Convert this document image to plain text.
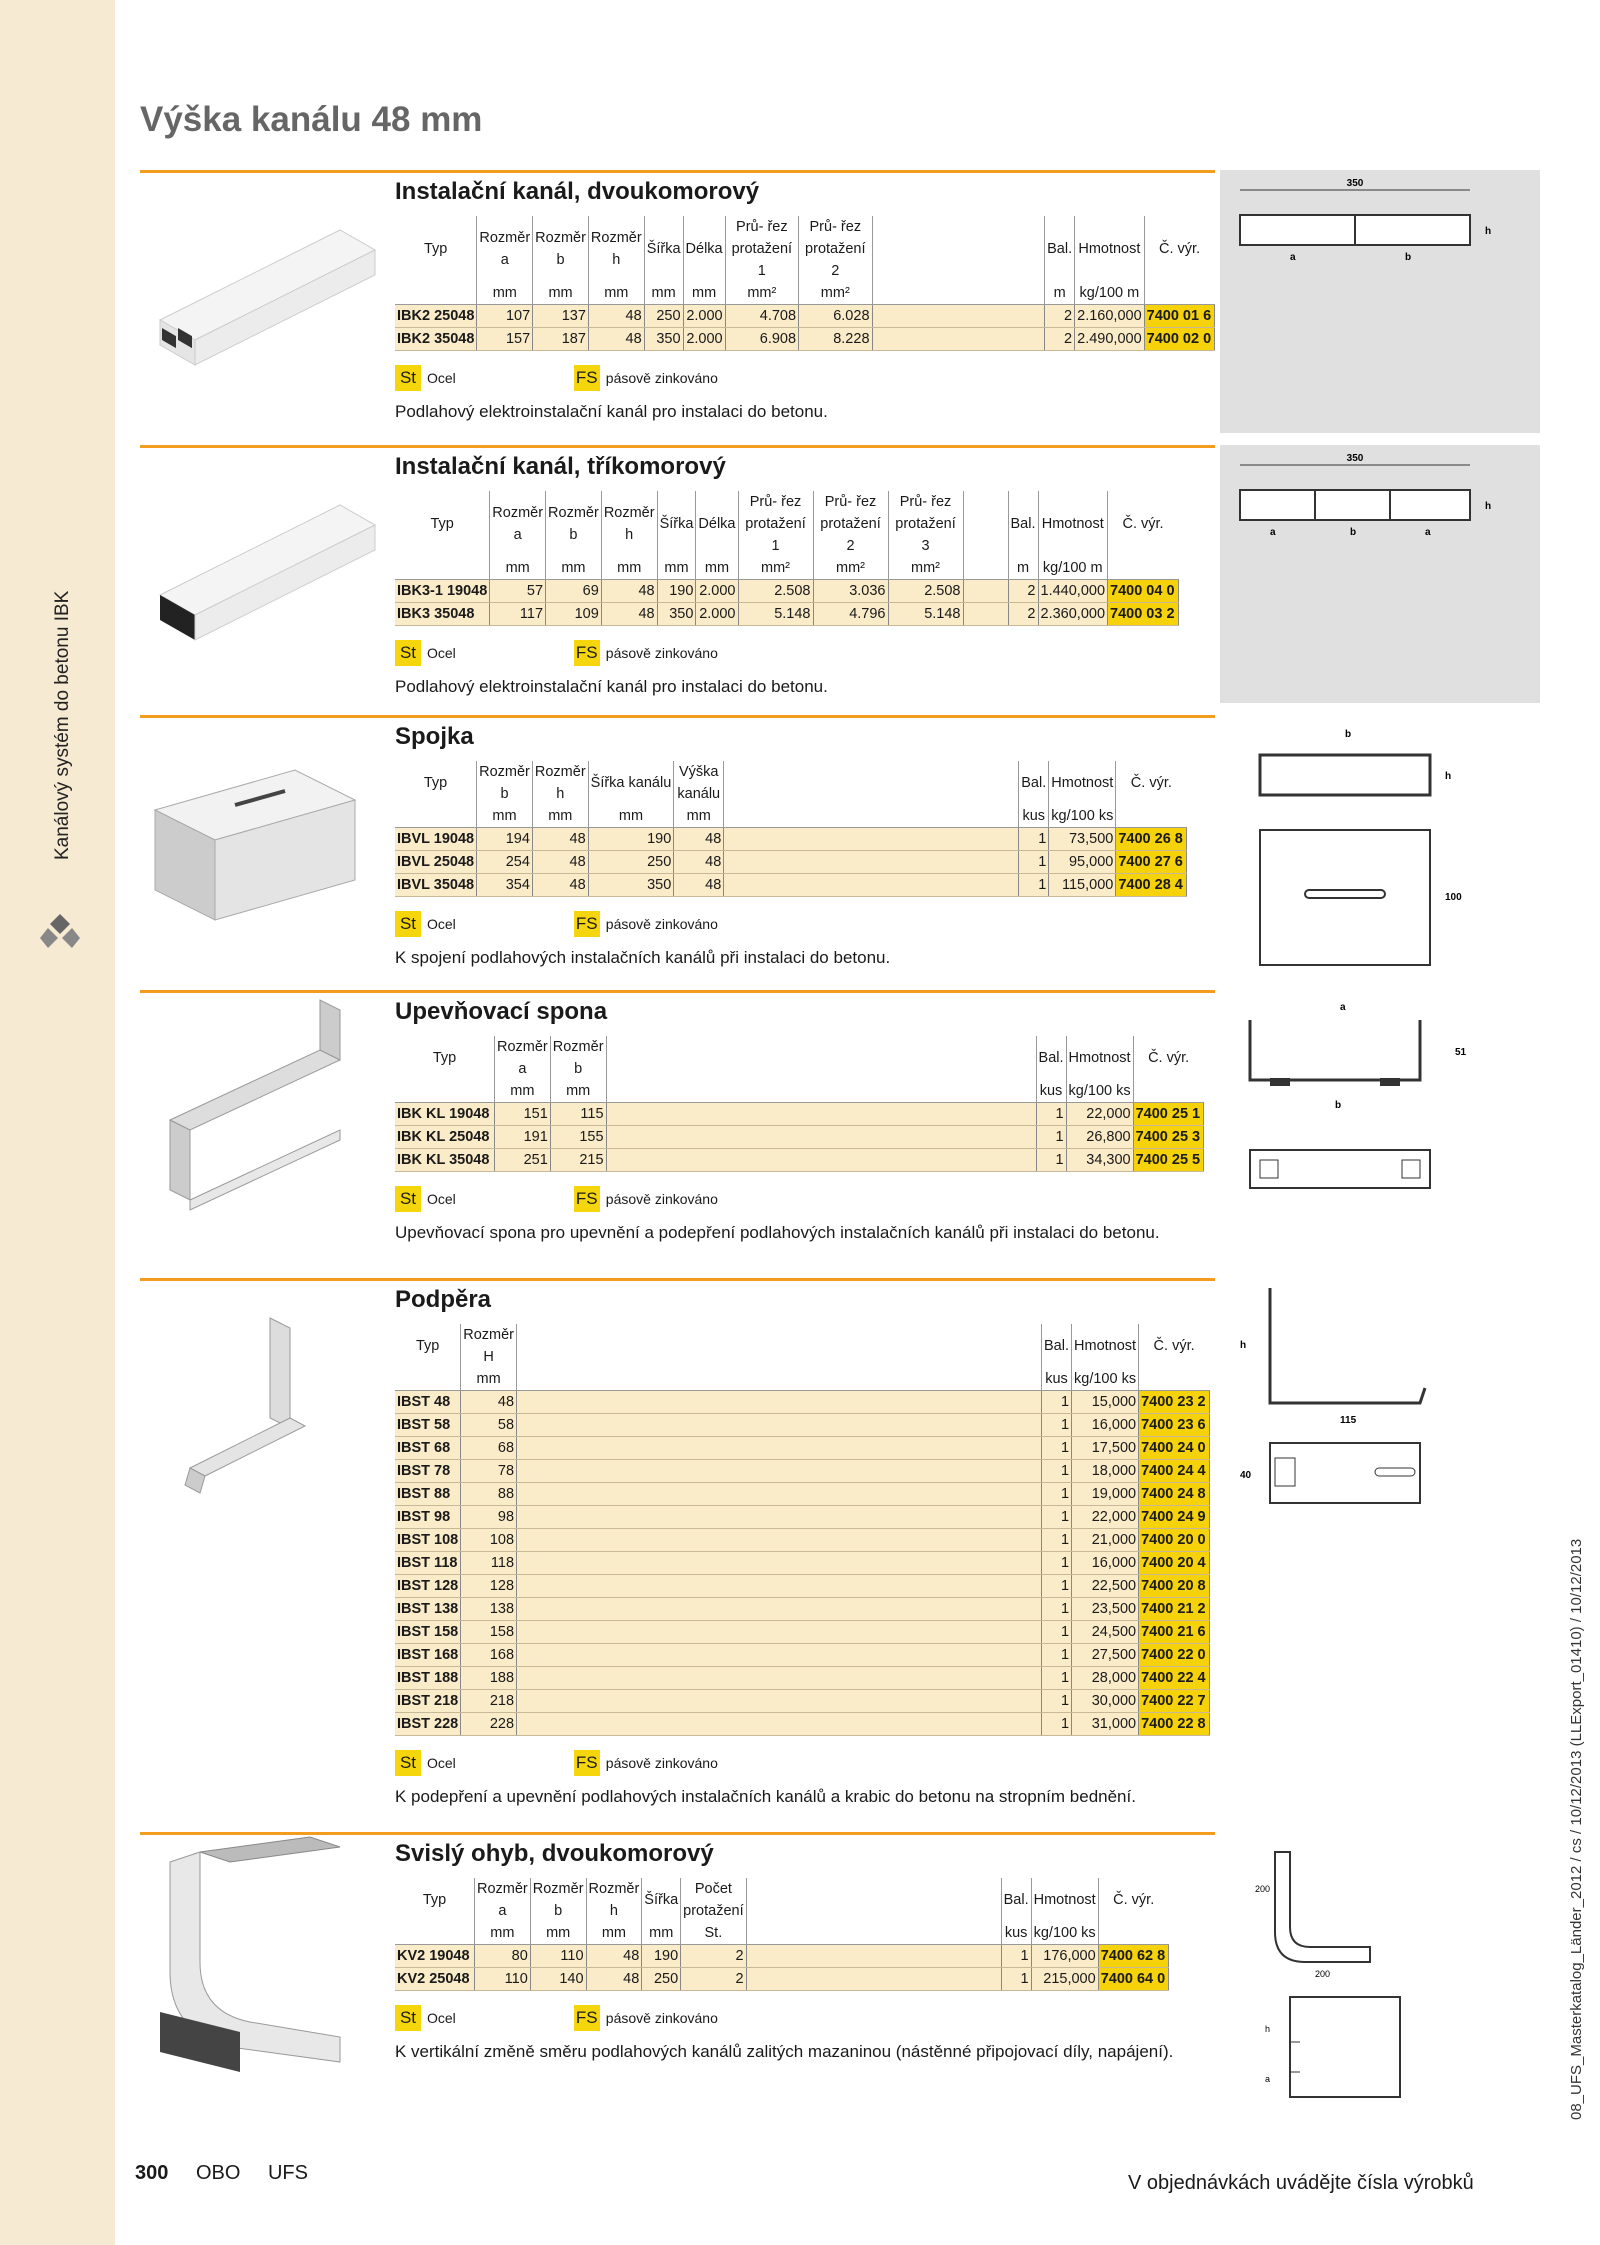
Kanálový systém do betonu IBK
Výška kanálu 48 mm
Instalační kanál, dvoukomorový
Typ	Rozměr a	Rozměr b	Rozměr h	Šířka	Délka	Prů- řez protažení 1	Prů- řez protažení 2		Bal.	Hmotnost	Č. výr.
	mm	mm	mm	mm	mm	mm²	mm²		m	kg/100 m	
IBK2 25048	107	137	48	250	2.000	4.708	6.028		2	2.160,000	7400 01 6
IBK2 35048	157	187	48	350	2.000	6.908	8.228		2	2.490,000	7400 02 0
St Ocel	FS pásově zinkováno
Podlahový elektroinstalační kanál pro instalaci do betonu.
350
a	b
h
Instalační kanál, tříkomorový
Typ	Rozměr a	Rozměr b	Rozměr h	Šířka	Délka	Prů- řez protažení 1	Prů- řez protažení 2	Prů- řez protažení 3		Bal.	Hmotnost	Č. výr.
	mm	mm	mm	mm	mm	mm²	mm²	mm²		m	kg/100 m	
IBK3-1 19048	57	69	48	190	2.000	2.508	3.036	2.508		2	1.440,000	7400 04 0
IBK3 35048	117	109	48	350	2.000	5.148	4.796	5.148		2	2.360,000	7400 03 2
St Ocel	FS pásově zinkováno
Podlahový elektroinstalační kanál pro instalaci do betonu.
350
a	b	a
h
Spojka
Typ	Rozměr b	Rozměr h	Šířka kanálu	Výška kanálu		Bal.	Hmotnost	Č. výr.
	mm	mm	mm	mm		kus	kg/100 ks	
IBVL 19048	194	48	190	48		1	73,500	7400 26 8
IBVL 25048	254	48	250	48		1	95,000	7400 27 6
IBVL 35048	354	48	350	48		1	115,000	7400 28 4
St Ocel	FS pásově zinkováno
K spojení podlahových instalačních kanálů při instalaci do betonu.
b
h
100
Upevňovací spona
Typ	Rozměr a	Rozměr b		Bal.	Hmotnost	Č. výr.
	mm	mm		kus	kg/100 ks	
IBK KL 19048	151	115		1	22,000	7400 25 1
IBK KL 25048	191	155		1	26,800	7400 25 3
IBK KL 35048	251	215		1	34,300	7400 25 5
St Ocel	FS pásově zinkováno
Upevňovací spona pro upevnění a podepření podlahových instalačních kanálů při instalaci do betonu.
a
51
b
Podpěra
Typ	Rozměr H		Bal.	Hmotnost	Č. výr.
	mm		kus	kg/100 ks	
IBST 48	48		1	15,000	7400 23 2
IBST 58	58		1	16,000	7400 23 6
IBST 68	68		1	17,500	7400 24 0
IBST 78	78		1	18,000	7400 24 4
IBST 88	88		1	19,000	7400 24 8
IBST 98	98		1	22,000	7400 24 9
IBST 108	108		1	21,000	7400 20 0
IBST 118	118		1	16,000	7400 20 4
IBST 128	128		1	22,500	7400 20 8
IBST 138	138		1	23,500	7400 21 2
IBST 158	158		1	24,500	7400 21 6
IBST 168	168		1	27,500	7400 22 0
IBST 188	188		1	28,000	7400 22 4
IBST 218	218		1	30,000	7400 22 7
IBST 228	228		1	31,000	7400 22 8
St Ocel	FS pásově zinkováno
K podepření a upevnění podlahových instalačních kanálů a krabic do betonu na stropním bednění.
h
115
40
Svislý ohyb, dvoukomorový
Typ	Rozměr a	Rozměr b	Rozměr h	Šířka	Počet protažení		Bal.	Hmotnost	Č. výr.
	mm	mm	mm	mm	St.		kus	kg/100 ks	
KV2 19048	80	110	48	190	2		1	176,000	7400 62 8
KV2 25048	110	140	48	250	2		1	215,000	7400 64 0
St Ocel	FS pásově zinkováno
K vertikální změně směru podlahových kanálů zalitých mazaninou (nástěnné připojovací díly, napájení).
200
200
h
a	08_UFS_Masterkatalog_Länder_2012 / cs / 10/12/2013 (LLExport_01410) / 10/12/2013
300 OBO UFS	V objednávkách uvádějte čísla výrobků
